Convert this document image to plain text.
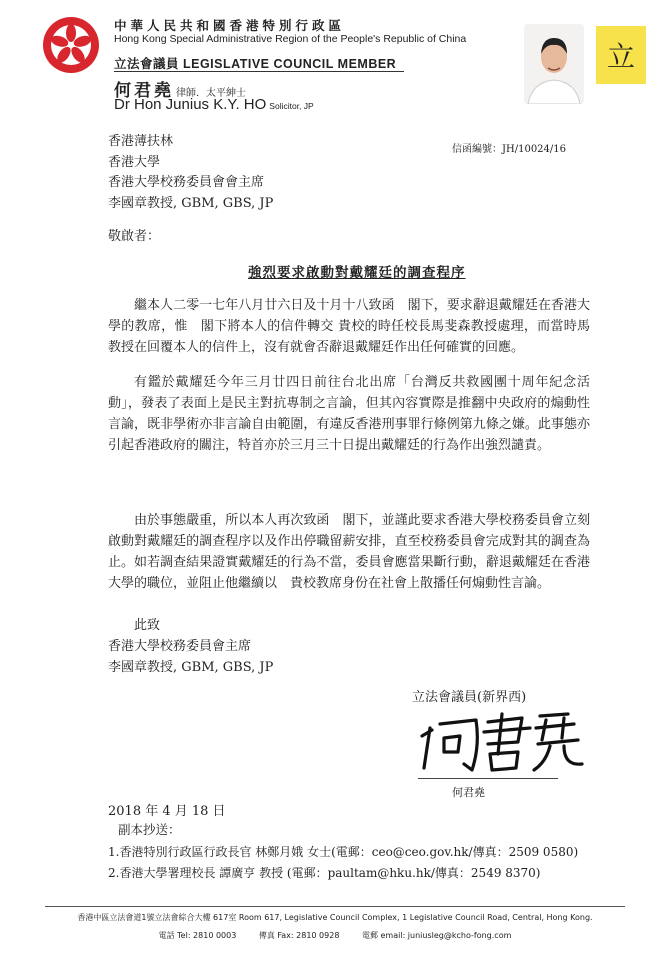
中華人民共和國香港特別行政區
Hong Kong Special Administrative Region of the People's Republic of China
立法會議員 LEGISLATIVE COUNCIL MEMBER
何君堯 律師．太平紳士
Dr Hon Junius K.Y. HO Solicitor, JP
立
信函編號：JH/10024/16
香港薄扶林
香港大學
香港大學校務委員會會主席
李國章教授, GBM, GBS, JP
敬啟者：
強烈要求啟動對戴耀廷的調查程序
繼本人二零一七年八月廿六日及十月十八致函　閣下，要求辭退戴耀廷在香港大學的教席，惟　閣下將本人的信件轉交 貴校的時任校長馬斐森教授處理，而當時馬教授在回覆本人的信件上，沒有就會否辭退戴耀廷作出任何確實的回應。
有鑑於戴耀廷今年三月廿四日前往台北出席「台灣反共救國團十周年紀念活動」，發表了表面上是民主對抗專制之言論，但其內容實際是推翻中央政府的煽動性言論，既非學術亦非言論自由範圍，有違反香港刑事罪行條例第九條之嫌。此事態亦引起香港政府的關注，特首亦於三月三十日提出戴耀廷的行為作出強烈譴責。
由於事態嚴重，所以本人再次致函　閣下，並謹此要求香港大學校務委員會立刻啟動對戴耀廷的調查程序以及作出停職留薪安排，直至校務委員會完成對其的調查為止。如若調查結果證實戴耀廷的行為不當，委員會應當果斷行動，辭退戴耀廷在香港大學的職位，並阻止他繼續以　貴校教席身份在社會上散播任何煽動性言論。
此致
香港大學校務委員會主席
李國章教授, GBM, GBS, JP
立法會議員(新界西)
何君堯
2018 年 4 月 18 日
副本抄送：
1.香港特別行政區行政長官 林鄭月娥 女士(電郵：ceo@ceo.gov.hk/傳真：2509 0580)
2.香港大學署理校長 譚廣亨 教授 (電郵：paultam@hku.hk/傳真：2549 8370)
香港中區立法會道1號立法會綜合大樓 617室 Room 617, Legislative Council Complex, 1 Legislative Council Road, Central, Hong Kong.
電話 Tel: 2810 0003	傳真 Fax: 2810 0928	電郵 email: juniusleg@kcho-fong.com
